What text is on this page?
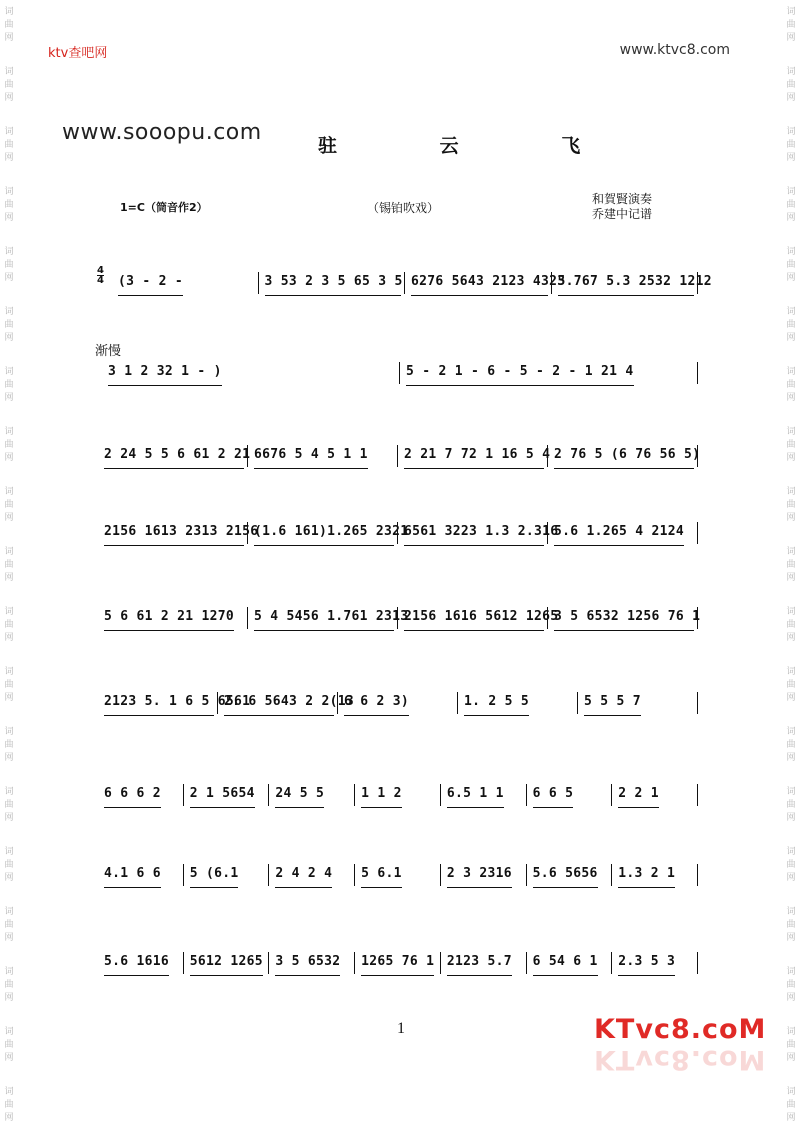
词
曲
网
词
曲
网
词
曲
网
词
曲
网
词
曲
网
词
曲
网
词
曲
网
词
曲
网
词
曲
网
词
曲
网
词
曲
网
词
曲
网
词
曲
网
词
曲
网
词
曲
网
词
曲
网
词
曲
网
词
曲
网
词
曲
网
词
曲
网
词
曲
网
词
曲
网
词
曲
网
词
曲
网
词
曲
网
词
曲
网
词
曲
网
词
曲
网
词
曲
网
词
曲
网
词
曲
网
词
曲
网
词
曲
网
词
曲
网
词
曲
网
词
曲
网
词
曲
网
词
曲
网
ktv查吧网	www.ktvc8.com
www.sooopu.com
驻 云 飞
1=C（筒音作2）	（锡铂吹戏）
和賀賢演奏
乔建中记谱
4
4
渐慢
(3 - 2 -	3 53 2 3 5 65 3 5 6276 5643 2123 4323
5.767 5.3 2532 1212
3 1 2 32 1 - )	5 - 2 1 - 6 - 5 - 2 - 1 21 4
2 24 5 5 6 61 2 21 6676 5 4 5 1 1	2 21 7 72 1 16 5 4 2 76 5 (6 76 56 5)
2156 1613 2313 2156
(1.6 161)1.265 2321
6561 3223 1.3 2.316
5.6 1.265 4 2124
5 6 61 2 21 1270 5 4 5456 1.761 2313
2156 1616 5612 1265
3 5 6532 1256 76 1
2123 5. 1 6 5 6561
2. 6 5643 2 2(13
6 6 2 3)	1. 2 5 5	5 5 5 7
6 6 6 2 2 1 5654 24 5 5	1 1 2	6.5 1 1 6 6 5	2 2 1
4.1 6 6 5 (6.1	2 4 2 4 5 6.1	2 3 2316 5.6 5656 1.3 2 1
5.6 1616 5612 1265 3 5 6532 1265 76 1 2123 5.7 6 54 6 1 2.3 5 3
1	KTvc8.coM
KTvc8.coM
